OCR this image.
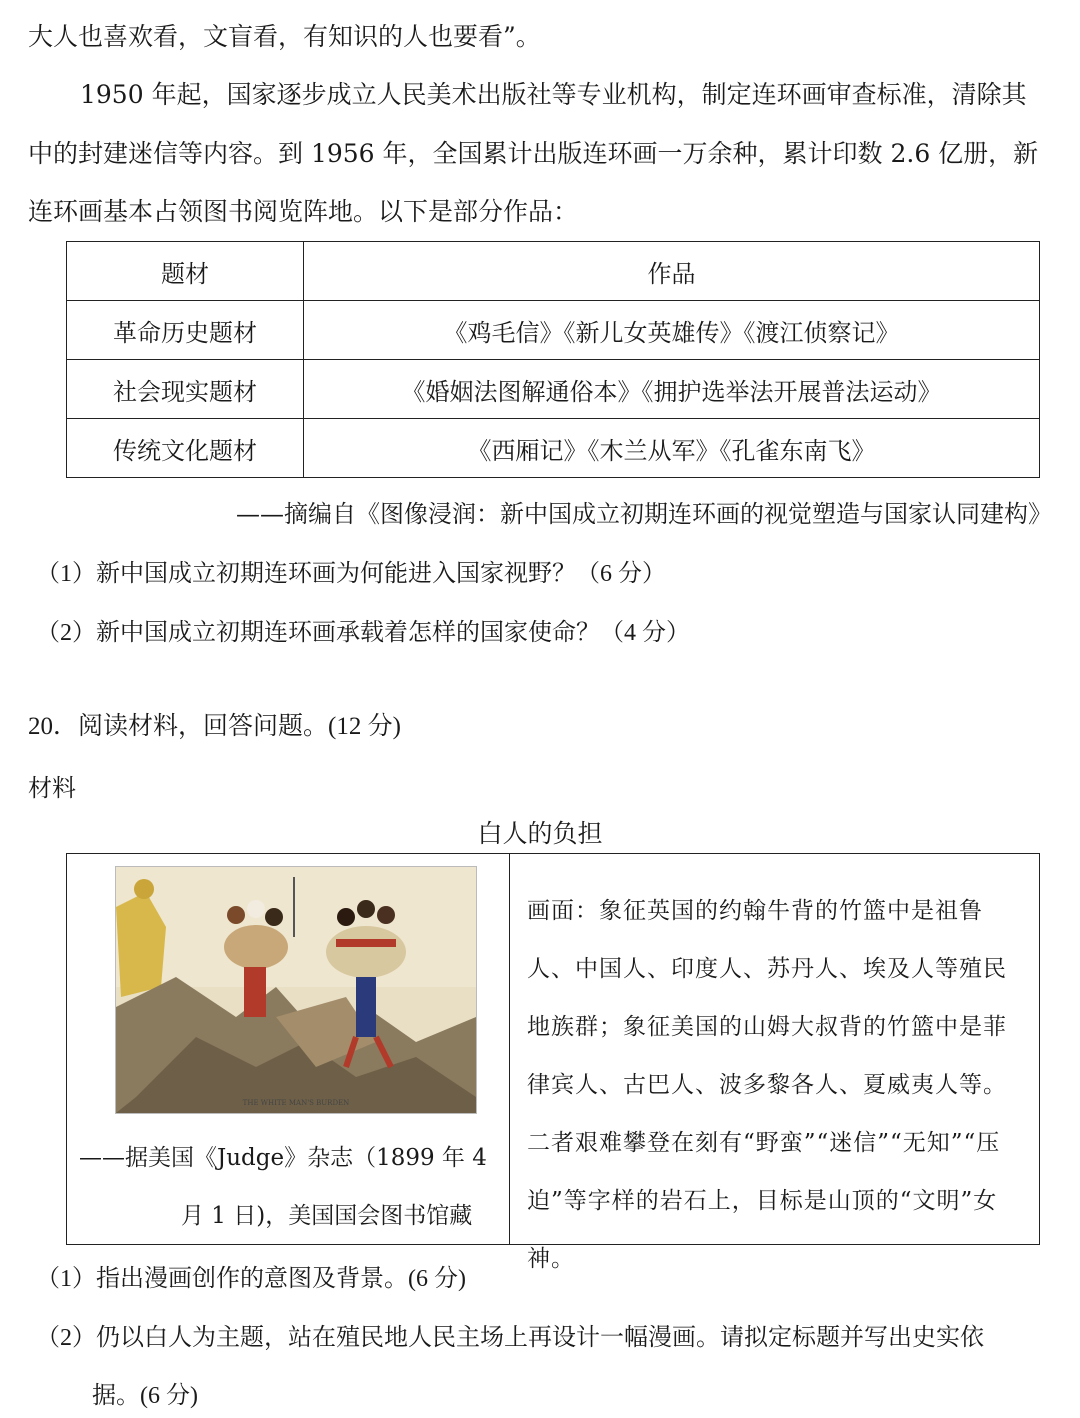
大人也喜欢看，文盲看，有知识的人也要看”。
1950 年起，国家逐步成立人民美术出版社等专业机构，制定连环画审查标准，清除其
中的封建迷信等内容。到 1956 年，全国累计出版连环画一万余种，累计印数 2.6 亿册，新
连环画基本占领图书阅览阵地。以下是部分作品：
题材	作品
革命历史题材	《鸡毛信》《新儿女英雄传》《渡江侦察记》
社会现实题材	《婚姻法图解通俗本》《拥护选举法开展普法运动》
传统文化题材	《西厢记》《木兰从军》《孔雀东南飞》
——摘编自《图像浸润：新中国成立初期连环画的视觉塑造与国家认同建构》
（1）新中国成立初期连环画为何能进入国家视野？（6 分）
（2）新中国成立初期连环画承载着怎样的国家使命？（4 分）
20．阅读材料，回答问题。(12 分)
材料
白人的负担
THE WHITE MAN'S BURDEN
——据美国《Judge》杂志（1899 年 4
月 1 日)，美国国会图书馆藏
画面：象征英国的约翰牛背的竹篮中是祖鲁人、中国人、印度人、苏丹人、埃及人等殖民地族群；象征美国的山姆大叔背的竹篮中是菲律宾人、古巴人、波多黎各人、夏威夷人等。二者艰难攀登在刻有“野蛮”“迷信”“无知”“压迫”等字样的岩石上，目标是山顶的“文明”女神。
（1）指出漫画创作的意图及背景。(6 分)
（2）仍以白人为主题，站在殖民地人民主场上再设计一幅漫画。请拟定标题并写出史实依
据。(6 分)
